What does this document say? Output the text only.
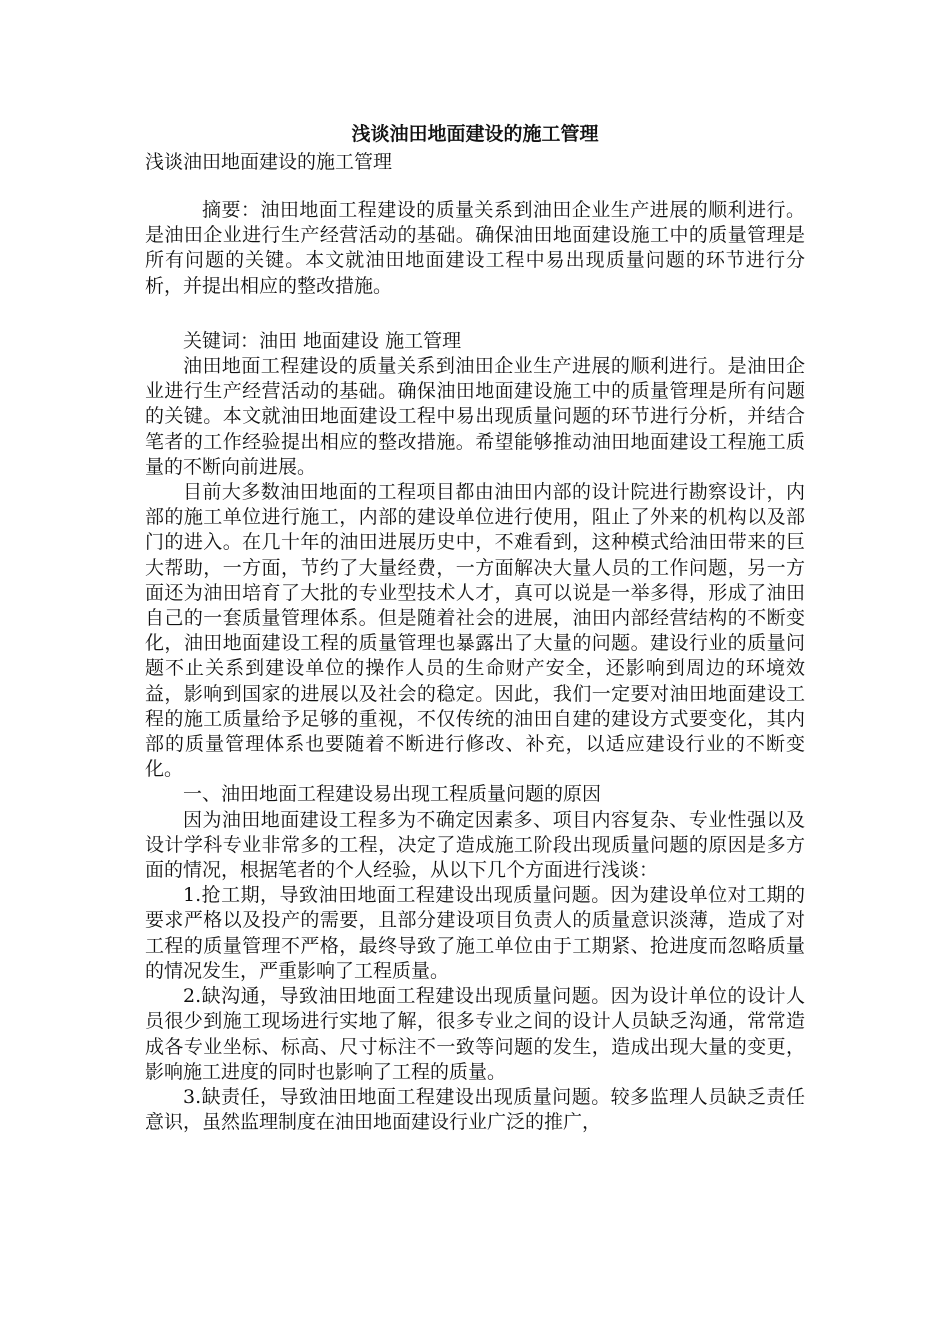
浅谈油田地面建设的施工管理

浅谈油田地面建设的施工管理

摘要：油田地面工程建设的质量关系到油田企业生产进展的顺利进行。是油田企业进行生产经营活动的基础。确保油田地面建设施工中的质量管理是所有问题的关键。本文就油田地面建设工程中易出现质量问题的环节进行分析，并提出相应的整改措施。

关键词：油田 地面建设 施工管理

油田地面工程建设的质量关系到油田企业生产进展的顺利进行。是油田企业进行生产经营活动的基础。确保油田地面建设施工中的质量管理是所有问题的关键。本文就油田地面建设工程中易出现质量问题的环节进行分析，并结合笔者的工作经验提出相应的整改措施。希望能够推动油田地面建设工程施工质量的不断向前进展。

目前大多数油田地面的工程项目都由油田内部的设计院进行勘察设计，内部的施工单位进行施工，内部的建设单位进行使用，阻止了外来的机构以及部门的进入。在几十年的油田进展历史中，不难看到，这种模式给油田带来的巨大帮助，一方面，节约了大量经费，一方面解决大量人员的工作问题，另一方面还为油田培育了大批的专业型技术人才，真可以说是一举多得，形成了油田自己的一套质量管理体系。但是随着社会的进展，油田内部经营结构的不断变化，油田地面建设工程的质量管理也暴露出了大量的问题。建设行业的质量问题不止关系到建设单位的操作人员的生命财产安全，还影响到周边的环境效益，影响到国家的进展以及社会的稳定。因此，我们一定要对油田地面建设工程的施工质量给予足够的重视，不仅传统的油田自建的建设方式要变化，其内部的质量管理体系也要随着不断进行修改、补充，以适应建设行业的不断变化。

一、油田地面工程建设易出现工程质量问题的原因

因为油田地面建设工程多为不确定因素多、项目内容复杂、专业性强以及设计学科专业非常多的工程，决定了造成施工阶段出现质量问题的原因是多方面的情况，根据笔者的个人经验，从以下几个方面进行浅谈：

1.抢工期，导致油田地面工程建设出现质量问题。因为建设单位对工期的要求严格以及投产的需要，且部分建设项目负责人的质量意识淡薄，造成了对工程的质量管理不严格，最终导致了施工单位由于工期紧、抢进度而忽略质量的情况发生，严重影响了工程质量。

2.缺沟通，导致油田地面工程建设出现质量问题。因为设计单位的设计人员很少到施工现场进行实地了解，很多专业之间的设计人员缺乏沟通，常常造成各专业坐标、标高、尺寸标注不一致等问题的发生，造成出现大量的变更，影响施工进度的同时也影响了工程的质量。

3.缺责任，导致油田地面工程建设出现质量问题。较多监理人员缺乏责任意识，虽然监理制度在油田地面建设行业广泛的推广，
